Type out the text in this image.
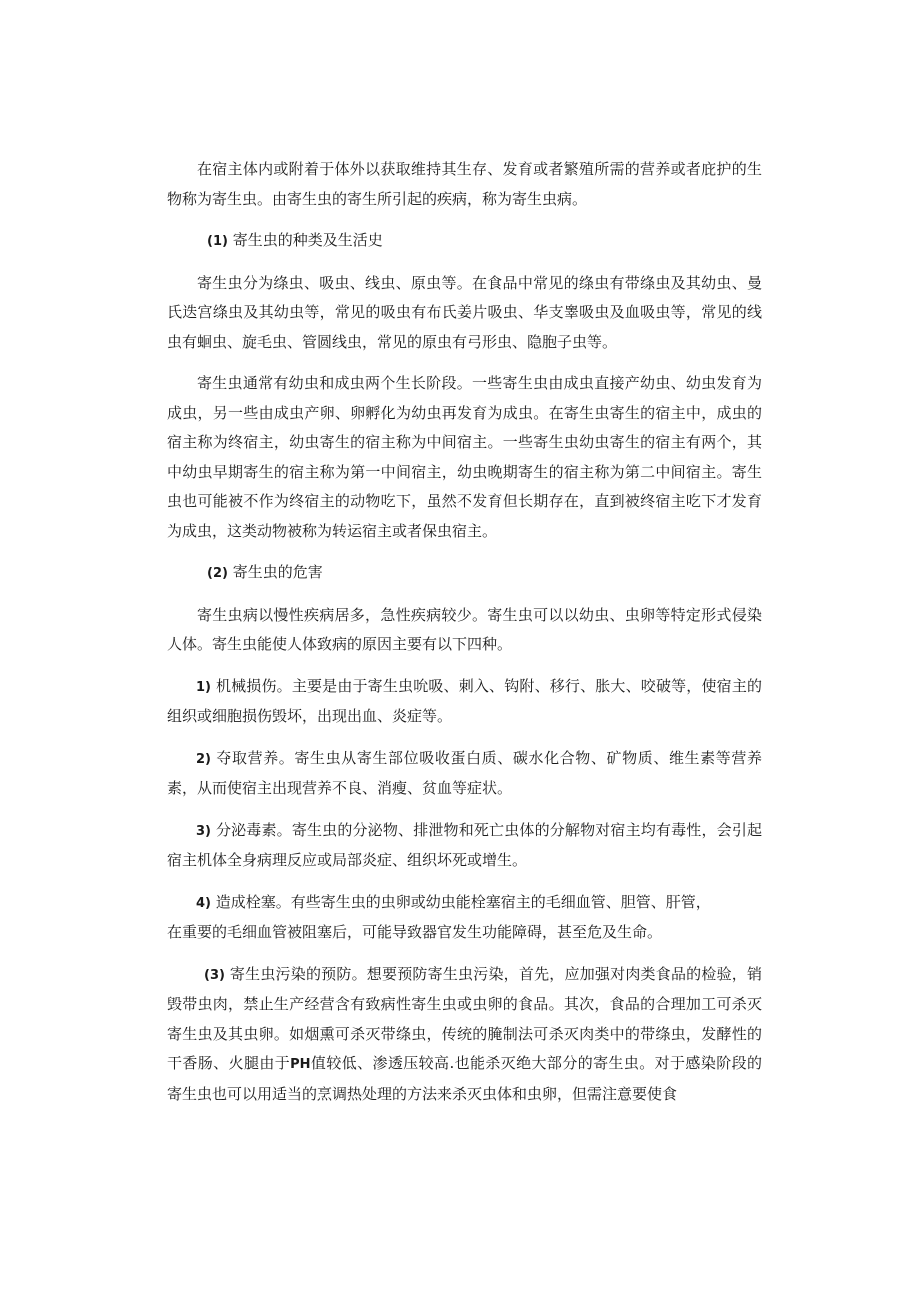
在宿主体内或附着于体外以获取维持其生存、发育或者繁殖所需的营养或者庇护的生物称为寄生虫。由寄生虫的寄生所引起的疾病，称为寄生虫病。

(1) 寄生虫的种类及生活史

寄生虫分为绦虫、吸虫、线虫、原虫等。在食品中常见的绦虫有带绦虫及其幼虫、曼氏迭宫绦虫及其幼虫等，常见的吸虫有布氏姜片吸虫、华支睾吸虫及血吸虫等，常见的线虫有蛔虫、旋毛虫、管圆线虫，常见的原虫有弓形虫、隐胞子虫等。

寄生虫通常有幼虫和成虫两个生长阶段。一些寄生虫由成虫直接产幼虫、幼虫发育为成虫，另一些由成虫产卵、卵孵化为幼虫再发育为成虫。在寄生虫寄生的宿主中，成虫的宿主称为终宿主，幼虫寄生的宿主称为中间宿主。一些寄生虫幼虫寄生的宿主有两个，其中幼虫早期寄生的宿主称为第一中间宿主，幼虫晚期寄生的宿主称为第二中间宿主。寄生虫也可能被不作为终宿主的动物吃下，虽然不发育但长期存在，直到被终宿主吃下才发育为成虫，这类动物被称为转运宿主或者保虫宿主。

(2) 寄生虫的危害

寄生虫病以慢性疾病居多，急性疾病较少。寄生虫可以以幼虫、虫卵等特定形式侵染人体。寄生虫能使人体致病的原因主要有以下四种。

1) 机械损伤。主要是由于寄生虫吮吸、刺入、钩附、移行、胀大、咬破等，使宿主的组织或细胞损伤毁坏，出现出血、炎症等。

2) 夺取营养。寄生虫从寄生部位吸收蛋白质、碳水化合物、矿物质、维生素等营养素，从而使宿主出现营养不良、消瘦、贫血等症状。

3) 分泌毒素。寄生虫的分泌物、排泄物和死亡虫体的分解物对宿主均有毒性，会引起宿主机体全身病理反应或局部炎症、组织坏死或增生。

4) 造成栓塞。有些寄生虫的虫卵或幼虫能栓塞宿主的毛细血管、胆管、肝管，
在重要的毛细血管被阻塞后，可能导致器官发生功能障碍，甚至危及生命。

(3) 寄生虫污染的预防。想要预防寄生虫污染，首先，应加强对肉类食品的检验，销毁带虫肉，禁止生产经营含有致病性寄生虫或虫卵的食品。其次，食品的合理加工可杀灭寄生虫及其虫卵。如烟熏可杀灭带绦虫，传统的腌制法可杀灭肉类中的带绦虫，发酵性的干香肠、火腿由于PH值较低、渗透压较高.也能杀灭绝大部分的寄生虫。对于感染阶段的寄生虫也可以用适当的烹调热处理的方法来杀灭虫体和虫卵，但需注意要使食
